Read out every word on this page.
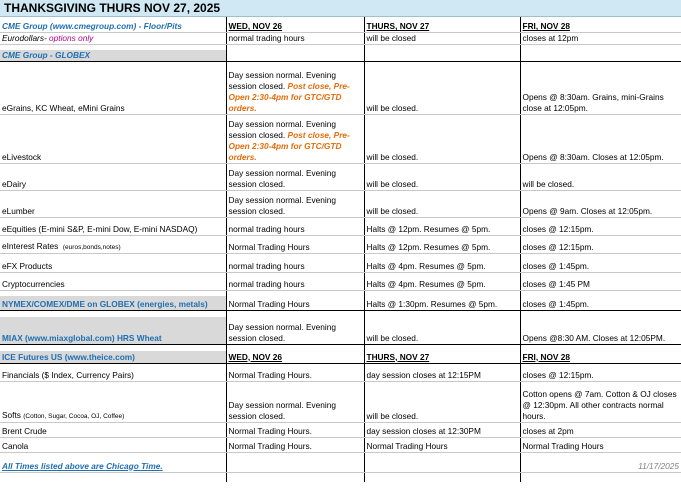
THANKSGIVING THURS NOV 27, 2025

CME Group (www.cmegroup.com) - Floor/Pits	WED, NOV 26	THURS, NOV 27	FRI, NOV 28
Eurodollars- options only	normal trading hours	will be closed	closes at 12pm

CME Group - GLOBEX			
eGrains, KC Wheat, eMini Grains	Day session normal. Evening session closed. Post close, Pre-Open 2:30-4pm for GTC/GTD orders.	will be closed.	Opens @ 8:30am. Grains, mini-Grains close at 12:05pm.
eLivestock	Day session normal. Evening session closed. Post close, Pre-Open 2:30-4pm for GTC/GTD orders.	will be closed.	Opens @ 8:30am. Closes at 12:05pm.
eDairy	Day session normal. Evening session closed.	will be closed.	will be closed.
eLumber	Day session normal. Evening session closed.	will be closed.	Opens @ 9am. Closes at 12:05pm.
eEquities (E-mini S&P, E-mini Dow, E-mini NASDAQ)	normal trading hours	Halts @ 12pm. Resumes @ 5pm.	closes @ 12:15pm.
eInterest Rates (euros,bonds,notes)	Normal Trading Hours	Halts @ 12pm. Resumes @ 5pm.	closes @ 12:15pm.
eFX Products	normal trading hours	Halts @ 4pm. Resumes @ 5pm.	closes @ 1:45pm.
Cryptocurrencies	normal trading hours	Halts @ 4pm. Resumes @ 5pm.	closes @ 1:45 PM

NYMEX/COMEX/DME on GLOBEX (energies, metals)	Normal Trading Hours	Halts @ 1:30pm. Resumes @ 5pm.	closes @ 1:45pm.

MIAX (www.miaxglobal.com) HRS Wheat	Day session normal. Evening session closed.	will be closed.	Opens @8:30 AM. Closes at 12:05PM.

ICE Futures US (www.theice.com)	WED, NOV 26	THURS, NOV 27	FRI, NOV 28
Financials ($ Index, Currency Pairs)	Normal Trading Hours.	day session closes at 12:15PM	closes @ 12:15pm.
Softs (Cotton, Sugar, Cocoa, OJ, Coffee)	Day session normal. Evening session closed.	will be closed.	Cotton opens @ 7am. Cotton & OJ closes @ 12:30pm. All other contracts normal hours.
Brent Crude	Normal Trading Hours.	day session closes at 12:30PM	closes at 2pm
Canola	Normal Trading Hours.	Normal Trading Hours	Normal Trading Hours

All Times listed above are Chicago Time.			11/17/2025
